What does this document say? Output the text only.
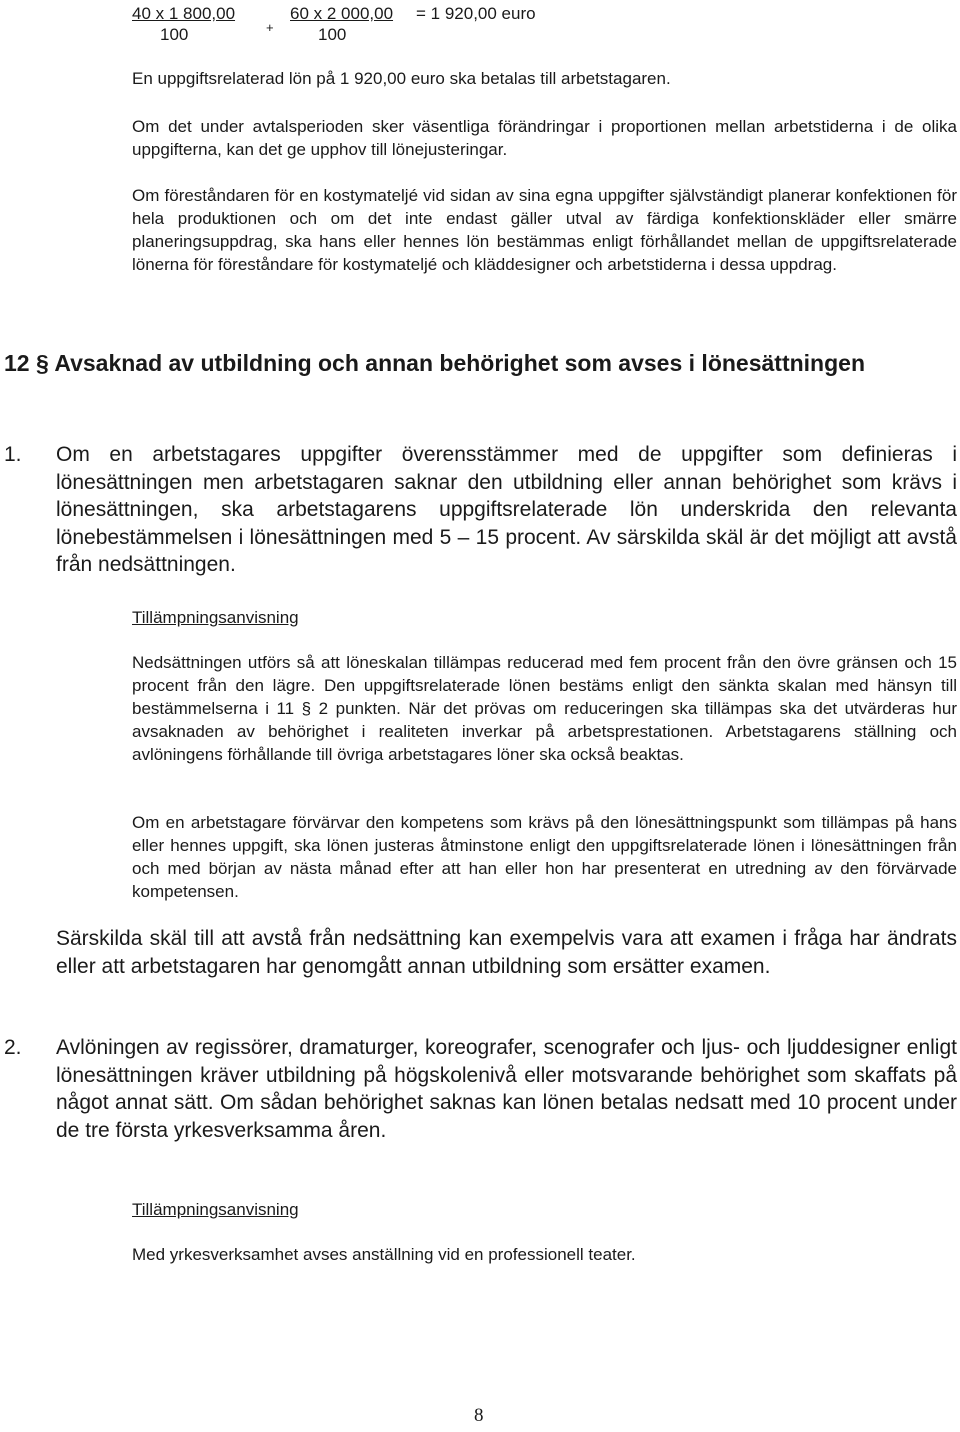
$\frac{40 x 1 800,00}{100} + \frac{60 x 2 000,00}{100} = 1$ 920,00 euro

En uppgiftsrelaterad lön på 1 920,00 euro ska betalas till arbetstagaren.

Om det under avtalsperioden sker väsentliga förändringar i proportionen mellan arbetstiderna i de olika uppgifterna, kan det ge upphov till lönejusteringar.

Om föreståndaren för en kostymateljé vid sidan av sina egna uppgifter självständigt planerar konfektionen för hela produktionen och om det inte endast gäller utval av färdiga konfektionskläder eller smärre planeringsuppdrag, ska hans eller hennes lön bestämmas enligt förhållandet mellan de uppgiftsrelaterade lönerna för föreståndare för kostymateljé och kläddesigner och arbetstiderna i dessa uppdrag.

12 § Avsaknad av utbildning och annan behörighet som avses i lönesättningen
1. Om en arbetstagares uppgifter överensstämmer med de uppgifter som definieras i lönesättningen men arbetstagaren saknar den utbildning eller annan behörighet som krävs i lönesättningen, ska arbetstagarens uppgiftsrelaterade lön underskrida den relevanta lönebestämmelsen i lönesättningen med 5 – 15 procent. Av särskilda skäl är det möjligt att avstå från nedsättningen.

Tillämpningsanvisning

Nedsättningen utförs så att löneskalan tillämpas reducerad med fem procent från den övre gränsen och 15 procent från den lägre. Den uppgiftsrelaterade lönen bestäms enligt den sänkta skalan med hänsyn till bestämmelserna i 11 § 2 punkten. När det prövas om reduceringen ska tillämpas ska det utvärderas hur avsaknaden av behörighet i realiteten inverkar på arbetsprestationen. Arbetstagarens ställning och avlöningens förhållande till övriga arbetstagares löner ska också beaktas.

Om en arbetstagare förvärvar den kompetens som krävs på den lönesättningspunkt som tillämpas på hans eller hennes uppgift, ska lönen justeras åtminstone enligt den uppgiftsrelaterade lönen i lönesättningen från och med början av nästa månad efter att han eller hon har presenterat en utredning av den förvärvade kompetensen.

Särskilda skäl till att avstå från nedsättning kan exempelvis vara att examen i fråga har ändrats eller att arbetstagaren har genomgått annan utbildning som ersätter examen.

2. Avlöningen av regissörer, dramaturger, koreografer, scenografer och ljus- och ljuddesigner enligt lönesättningen kräver utbildning på högskolenivå eller motsvarande behörighet som skaffats på något annat sätt. Om sådan behörighet saknas kan lönen betalas nedsatt med 10 procent under de tre första yrkesverksamma åren.

Tillämpningsanvisning

Med yrkesverksamhet avses anställning vid en professionell teater.

8
